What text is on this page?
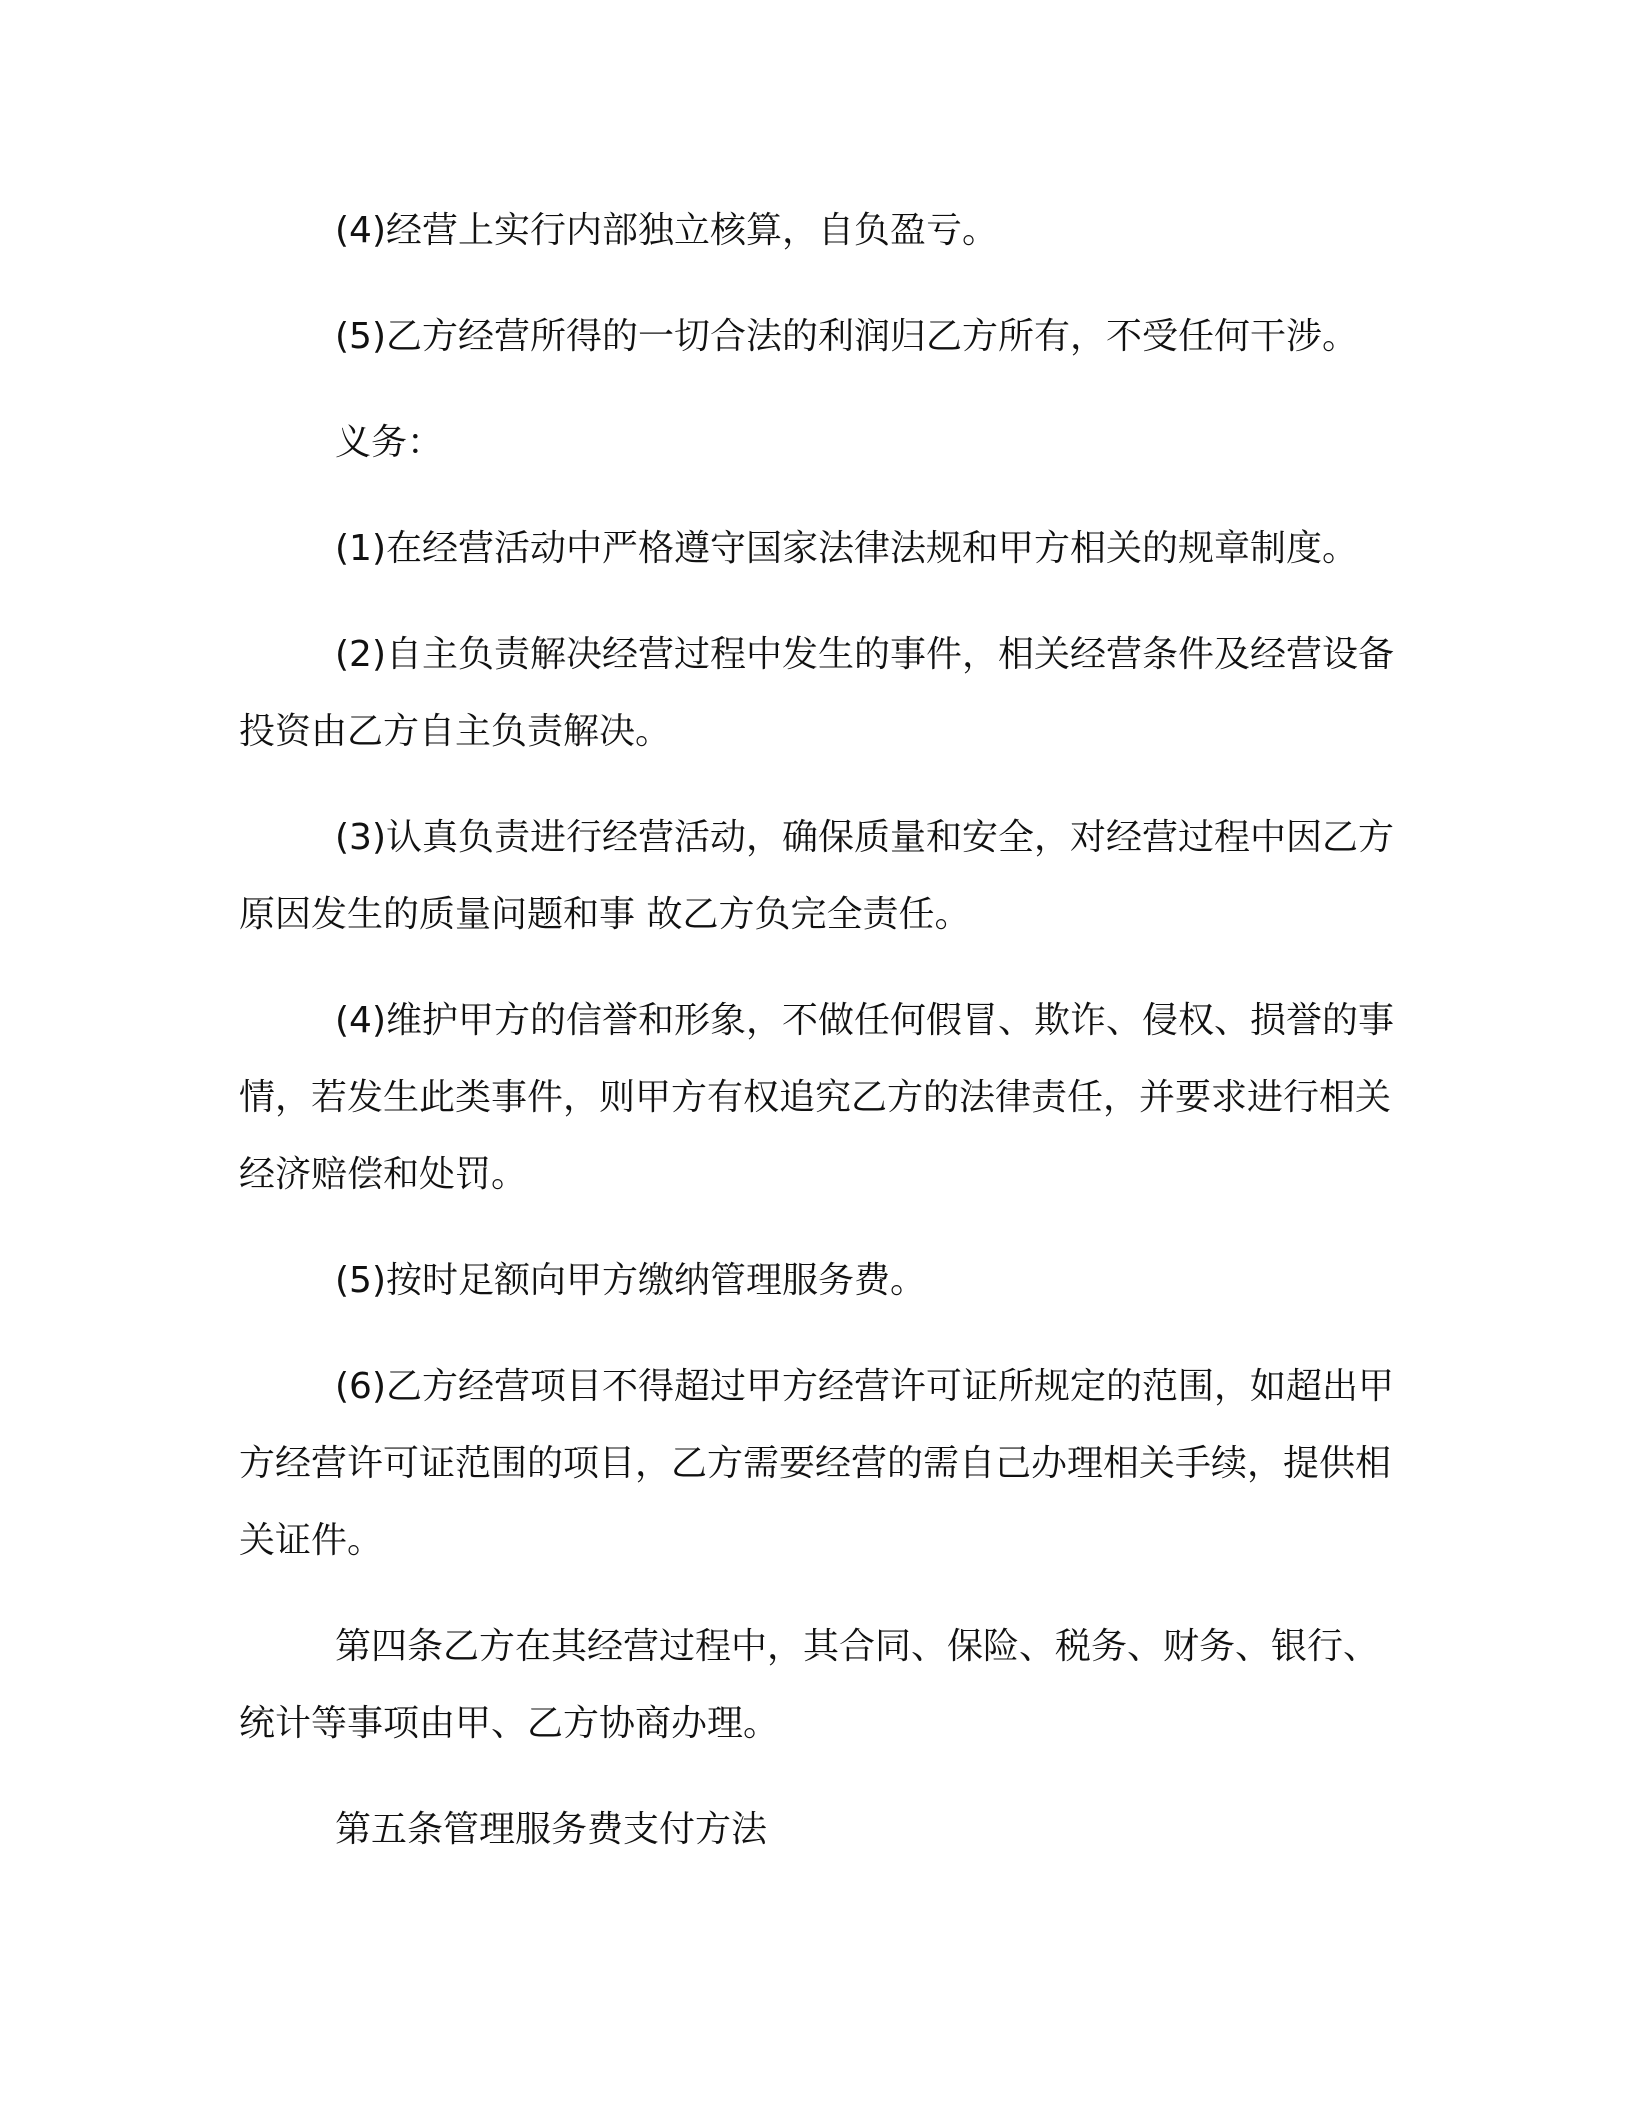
(4)经营上实行内部独立核算，自负盈亏。

(5)乙方经营所得的一切合法的利润归乙方所有，不受任何干涉。

义务：

(1)在经营活动中严格遵守国家法律法规和甲方相关的规章制度。

(2)自主负责解决经营过程中发生的事件，相关经营条件及经营设备投资由乙方自主负责解决。

(3)认真负责进行经营活动，确保质量和安全，对经营过程中因乙方原因发生的质量问题和事 故乙方负完全责任。

(4)维护甲方的信誉和形象，不做任何假冒、欺诈、侵权、损誉的事情，若发生此类事件，则甲方有权追究乙方的法律责任，并要求进行相关经济赔偿和处罚。

(5)按时足额向甲方缴纳管理服务费。

(6)乙方经营项目不得超过甲方经营许可证所规定的范围，如超出甲方经营许可证范围的项目，乙方需要经营的需自己办理相关手续，提供相关证件。

第四条乙方在其经营过程中，其合同、保险、税务、财务、银行、统计等事项由甲、乙方协商办理。

第五条管理服务费支付方法
